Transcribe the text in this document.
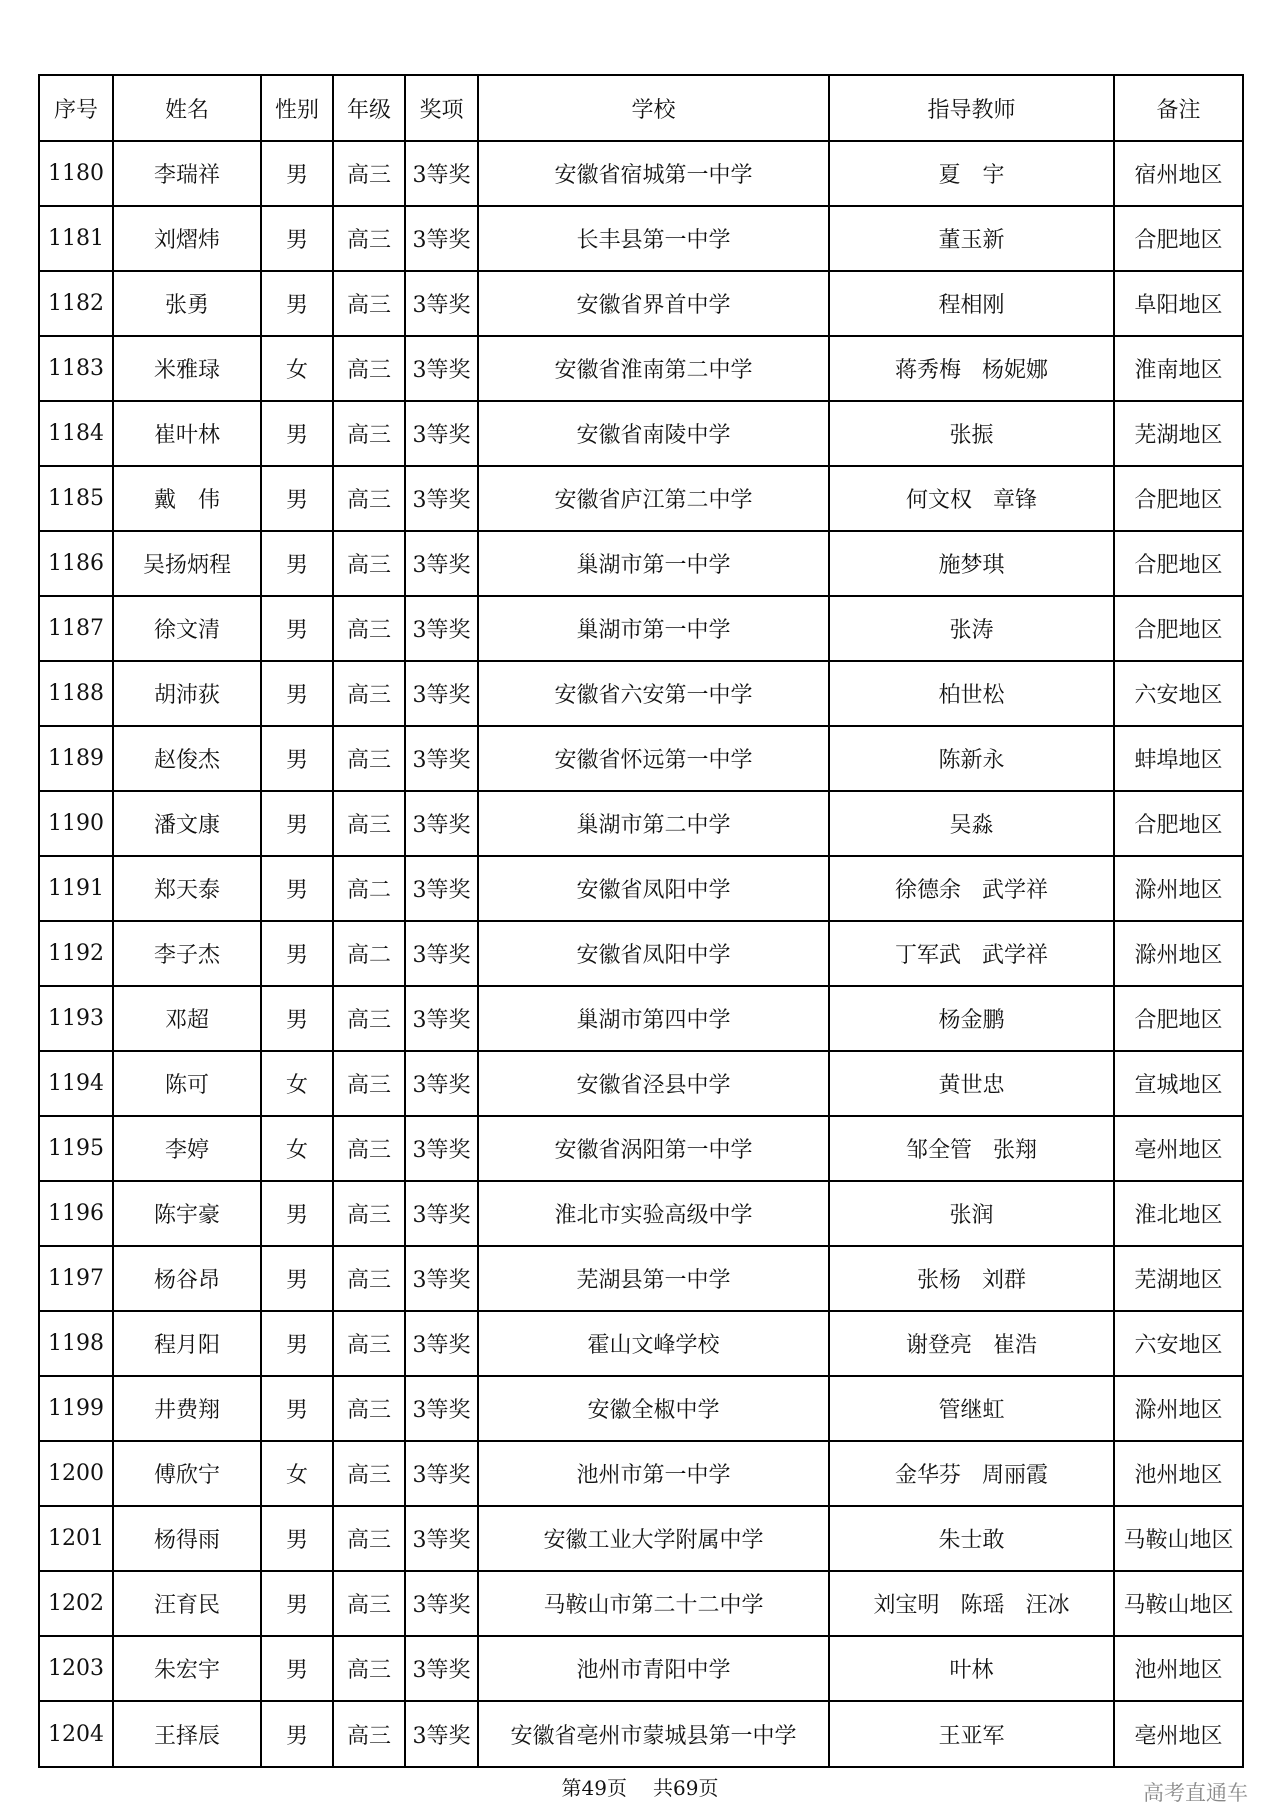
序号	姓名	性别	年级	奖项	学校	指导教师	备注
1180	李瑞祥	男	高三	3等奖	安徽省宿城第一中学	夏　宇	宿州地区
1181	刘熠炜	男	高三	3等奖	长丰县第一中学	董玉新	合肥地区
1182	张勇	男	高三	3等奖	安徽省界首中学	程相刚	阜阳地区
1183	米雅琭	女	高三	3等奖	安徽省淮南第二中学	蒋秀梅 杨妮娜	淮南地区
1184	崔叶林	男	高三	3等奖	安徽省南陵中学	张振	芜湖地区
1185	戴　伟	男	高三	3等奖	安徽省庐江第二中学	何文权 章锋	合肥地区
1186	吴扬炳程	男	高三	3等奖	巢湖市第一中学	施梦琪	合肥地区
1187	徐文清	男	高三	3等奖	巢湖市第一中学	张涛	合肥地区
1188	胡沛荻	男	高三	3等奖	安徽省六安第一中学	柏世松	六安地区
1189	赵俊杰	男	高三	3等奖	安徽省怀远第一中学	陈新永	蚌埠地区
1190	潘文康	男	高三	3等奖	巢湖市第二中学	吴淼	合肥地区
1191	郑天泰	男	高二	3等奖	安徽省凤阳中学	徐德余 武学祥	滁州地区
1192	李子杰	男	高二	3等奖	安徽省凤阳中学	丁军武 武学祥	滁州地区
1193	邓超	男	高三	3等奖	巢湖市第四中学	杨金鹏	合肥地区
1194	陈可	女	高三	3等奖	安徽省泾县中学	黄世忠	宣城地区
1195	李婷	女	高三	3等奖	安徽省涡阳第一中学	邹全管 张翔	亳州地区
1196	陈宇豪	男	高三	3等奖	淮北市实验高级中学	张润	淮北地区
1197	杨谷昂	男	高三	3等奖	芜湖县第一中学	张杨 刘群	芜湖地区
1198	程月阳	男	高三	3等奖	霍山文峰学校	谢登亮 崔浩	六安地区
1199	井费翔	男	高三	3等奖	安徽全椒中学	管继虹	滁州地区
1200	傅欣宁	女	高三	3等奖	池州市第一中学	金华芬 周丽霞	池州地区
1201	杨得雨	男	高三	3等奖	安徽工业大学附属中学	朱士敢	马鞍山地区
1202	汪育民	男	高三	3等奖	马鞍山市第二十二中学	刘宝明 陈瑶 汪冰	马鞍山地区
1203	朱宏宇	男	高三	3等奖	池州市青阳中学	叶林	池州地区
1204	王择辰	男	高三	3等奖	安徽省亳州市蒙城县第一中学	王亚军	亳州地区
第49页 共69页	高考直通车
